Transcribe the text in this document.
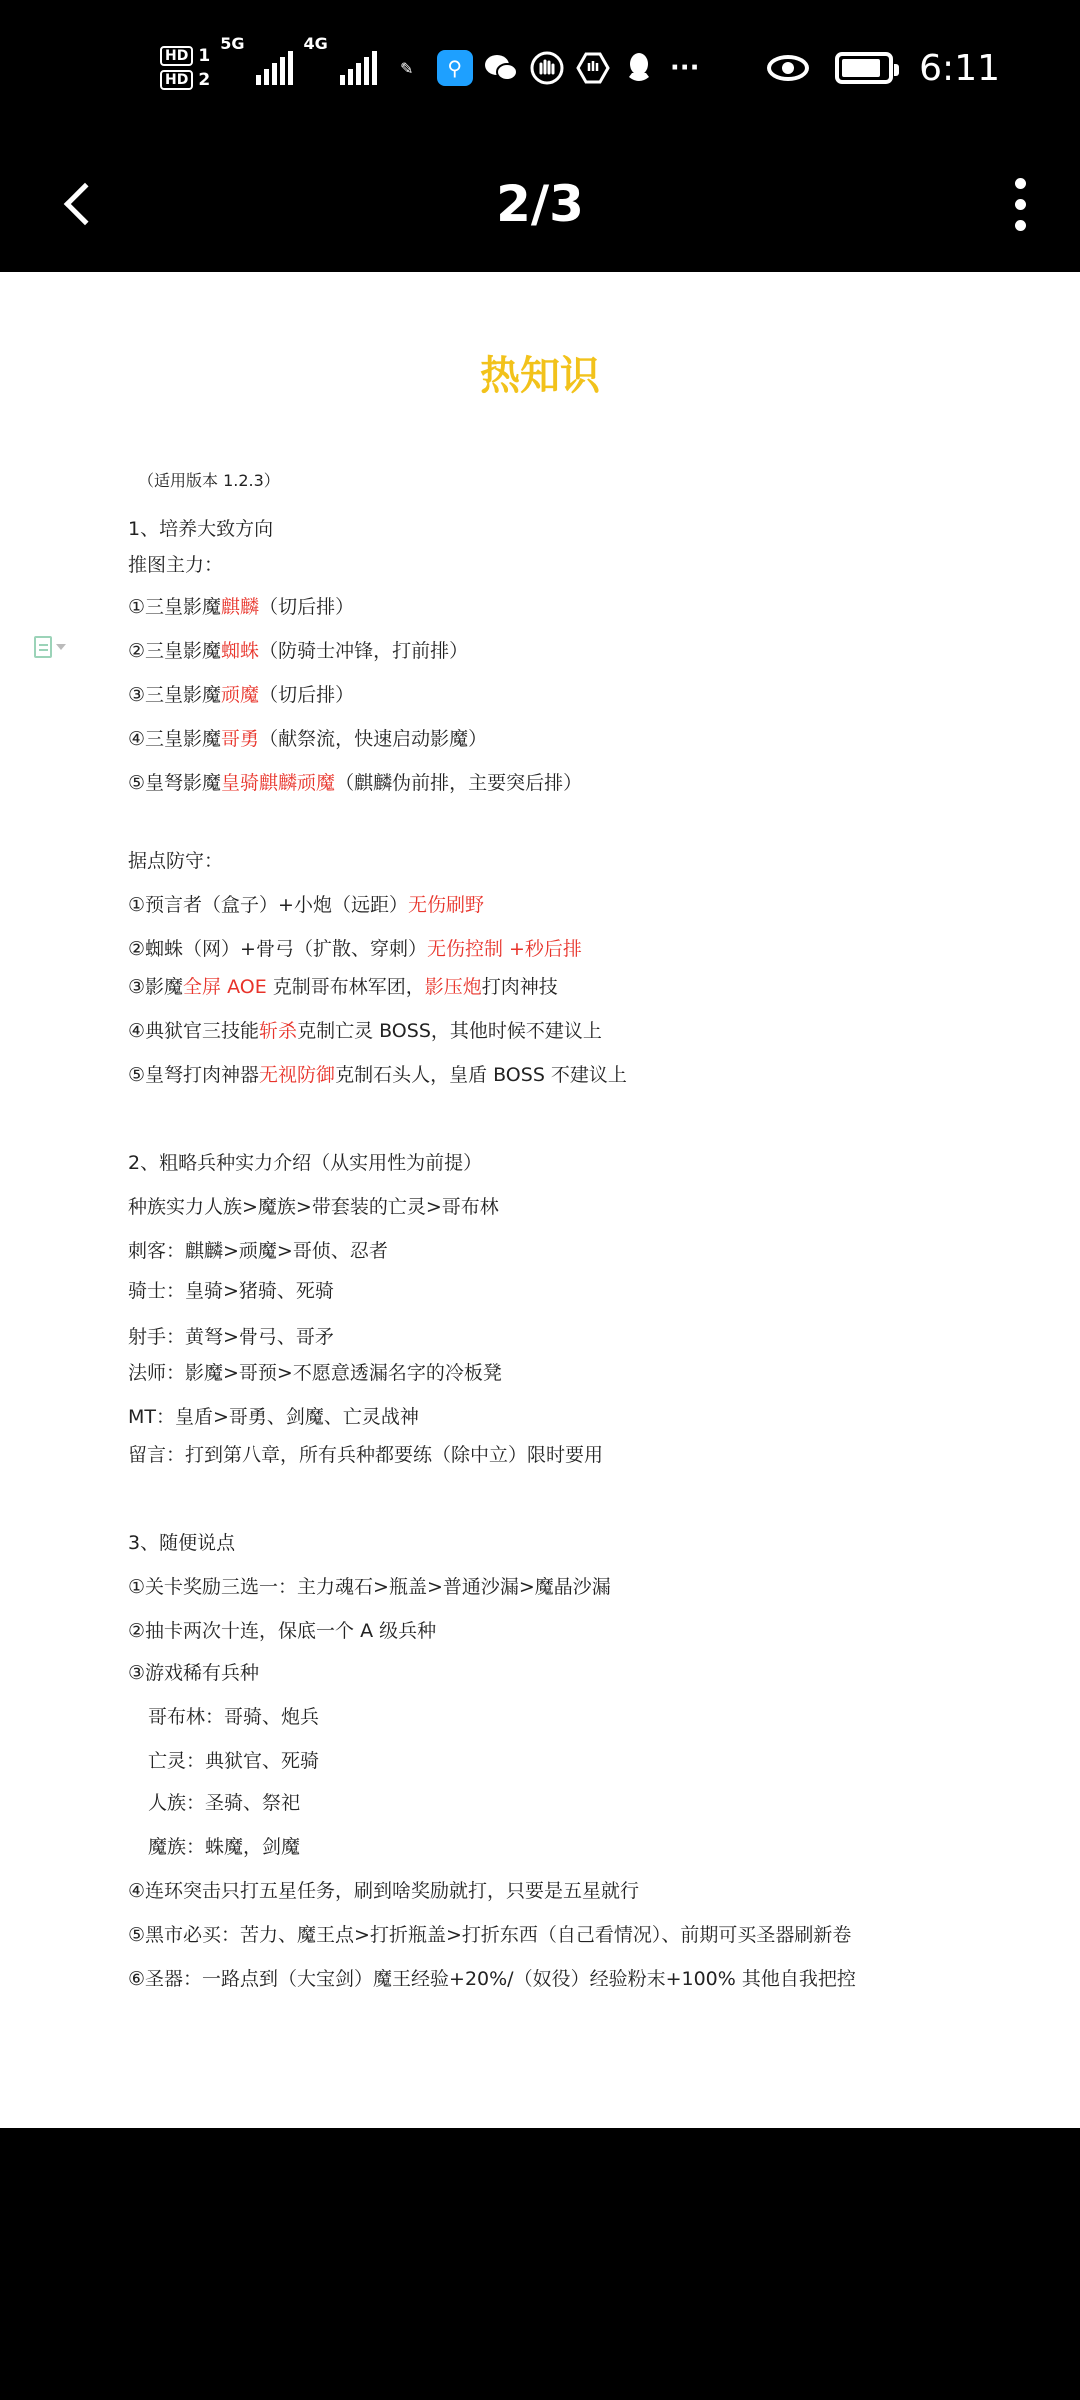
HD 1
HD 2
5G	4G
✎	⚲	···	6:11
2/3
热知识
（适用版本 1.2.3）
1、培养大致方向
推图主力：
①三皇影魔麒麟（切后排）
②三皇影魔蜘蛛（防骑士冲锋，打前排）
③三皇影魔顽魔（切后排）
④三皇影魔哥勇（献祭流，快速启动影魔）
⑤皇弩影魔皇骑麒麟顽魔（麒麟伪前排，主要突后排）
据点防守：
①预言者（盒子）+小炮（远距）无伤刷野
②蜘蛛（网）+骨弓（扩散、穿刺）无伤控制 +秒后排
③影魔全屏 AOE 克制哥布林军团，影压炮打肉神技
④典狱官三技能斩杀克制亡灵 BOSS，其他时候不建议上
⑤皇弩打肉神器无视防御克制石头人，皇盾 BOSS 不建议上
2、粗略兵种实力介绍（从实用性为前提）
种族实力人族>魔族>带套装的亡灵>哥布林
刺客：麒麟>顽魔>哥侦、忍者
骑士：皇骑>猪骑、死骑
射手：黄弩>骨弓、哥矛
法师：影魔>哥预>不愿意透漏名字的冷板凳
MT：皇盾>哥勇、剑魔、亡灵战神
留言：打到第八章，所有兵种都要练（除中立）限时要用
3、随便说点
①关卡奖励三选一：主力魂石>瓶盖>普通沙漏>魔晶沙漏
②抽卡两次十连，保底一个 A 级兵种
③游戏稀有兵种
哥布林：哥骑、炮兵
亡灵：典狱官、死骑
人族：圣骑、祭祀
魔族：蛛魔，剑魔
④连环突击只打五星任务，刷到啥奖励就打，只要是五星就行
⑤黑市必买：苦力、魔王点>打折瓶盖>打折东西（自己看情况）、前期可买圣器刷新卷
⑥圣器：一路点到（大宝剑）魔王经验+20%/（奴役）经验粉末+100% 其他自我把控
